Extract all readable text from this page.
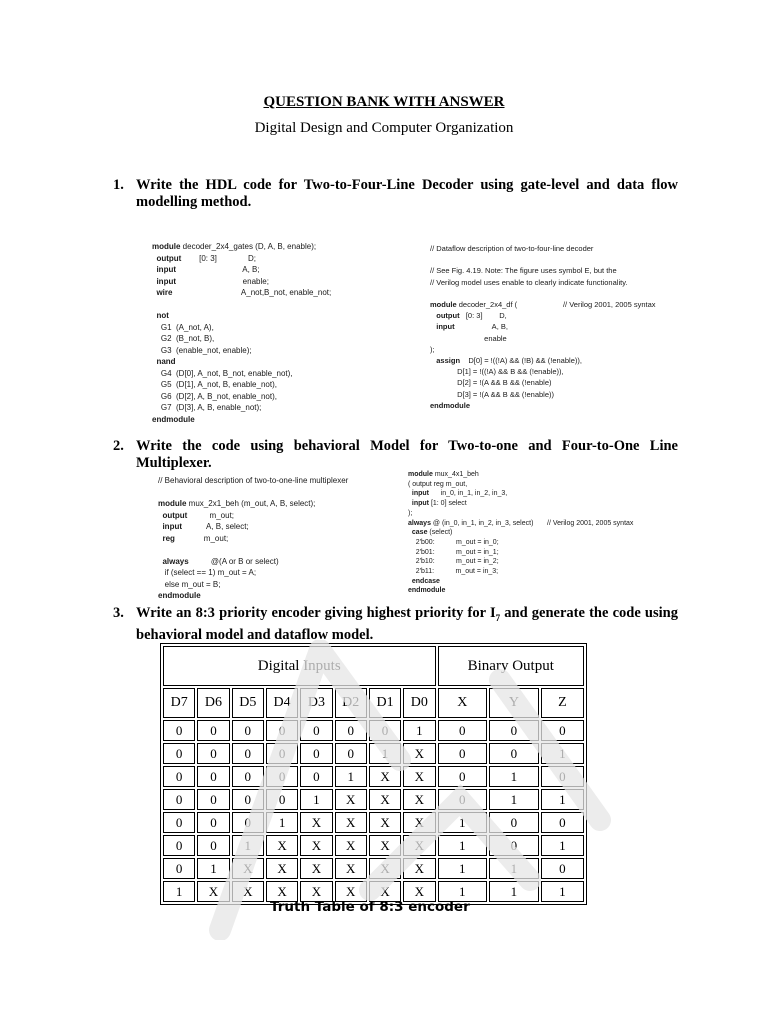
QUESTION BANK WITH ANSWER
Digital Design and Computer Organization
1. Write the HDL code for Two-to-Four-Line Decoder using gate-level and data flow modelling method.
module decoder_2x4_gates (D, A, B, enable);
output        [0: 3]              D;
input                              A, B;
input                              enable;
wire                               A_not,B_not, enable_not;

not
G1  (A_not, A),
G2  (B_not, B),
G3  (enable_not, enable);
nand
G4  (D[0], A_not, B_not, enable_not),
G5  (D[1], A_not, B, enable_not),
G6  (D[2], A, B_not, enable_not),
G7  (D[3], A, B, enable_not);
endmodule
// Dataflow description of two-to-four-line decoder

// See Fig. 4.19. Note: The figure uses symbol E, but the
// Verilog model uses enable to clearly indicate functionality.

module decoder_2x4_df (                      // Verilog 2001, 2005 syntax
output   [0: 3]        D,
input                  A, B,
enable
);
assign    D[0] = !((!A) && (!B) && (!enable)),
D[1] = !((!A) && B && (!enable)),
D[2] = !(A && B && (!enable)
D[3] = !(A && B && (!enable))
endmodule
2. Write the code using behavioral Model for Two-to-one and Four-to-One Line Multiplexer.
// Behavioral description of two-to-one-line multiplexer

module mux_2x1_beh (m_out, A, B, select);
output          m_out;
input           A, B, select;
reg             m_out;

always          @(A or B or select)
if (select == 1) m_out = A;
else m_out = B;
endmodule
module mux_4x1_beh
( output reg m_out,
input      in_0, in_1, in_2, in_3,
input [1: 0] select
);
always @ (in_0, in_1, in_2, in_3, select)       // Verilog 2001, 2005 syntax
case (select)
2'b00:           m_out = in_0;
2'b01:           m_out = in_1;
2'b10:           m_out = in_2;
2'b11:           m_out = in_3;
endcase
endmodule
3. Write an 8:3 priority encoder giving highest priority for $I_7$ and generate the code using behavioral model and dataflow model.
Digital Inputs								Binary Output		
D7	D6	D5	D4	D3	D2	D1	D0	X	Y	Z
0	0	0	0	0	0	0	1	0	0	0
0	0	0	0	0	0	1	X	0	0	1
0	0	0	0	0	1	X	X	0	1	0
0	0	0	0	1	X	X	X	0	1	1
0	0	0	1	X	X	X	X	1	0	0
0	0	1	X	X	X	X	X	1	0	1
0	1	X	X	X	X	X	X	1	1	0
1	X	X	X	X	X	X	X	1	1	1
Truth Table of 8:3 encoder
